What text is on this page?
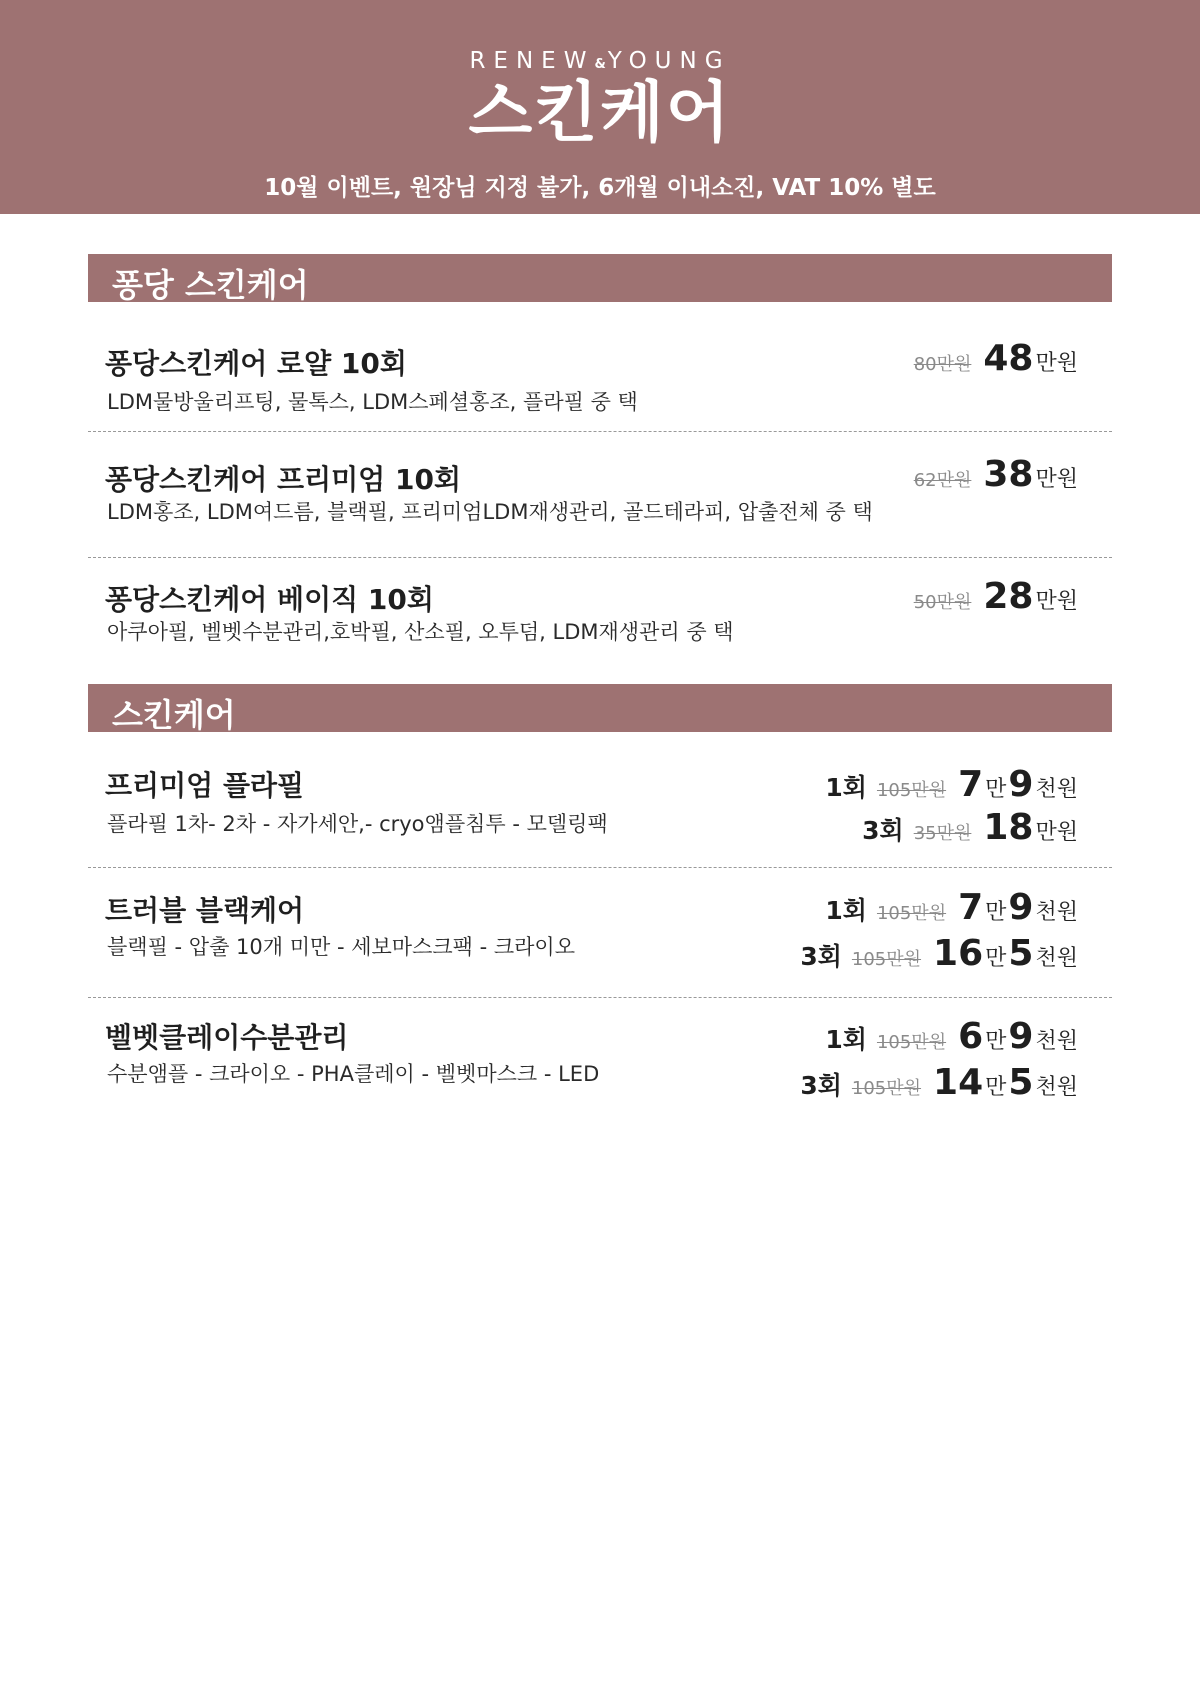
RENEW&YOUNG
스킨케어
10월 이벤트, 원장님 지정 불가, 6개월 이내소진, VAT 10% 별도
퐁당 스킨케어
퐁당스킨케어 로얄 10회
LDM물방울리프팅, 물톡스, LDM스페셜홍조, 플라필 중 택
80만원 48만원
퐁당스킨케어 프리미엄 10회
LDM홍조, LDM여드름, 블랙필, 프리미엄LDM재생관리, 골드테라피, 압출전체 중 택
62만원 38만원
퐁당스킨케어 베이직 10회
아쿠아필, 벨벳수분관리,호박필, 산소필, 오투덤, LDM재생관리 중 택
50만원 28만원
스킨케어
프리미엄 플라필
플라필 1차- 2차 - 자가세안,- cryo앰플침투 - 모델링팩
1회 105만원 7만9천원
3회 35만원 18만원
트러블 블랙케어
블랙필 - 압출 10개 미만 - 세보마스크팩 - 크라이오
1회 105만원 7만9천원
3회 105만원 16만5천원
벨벳클레이수분관리
수분앰플 - 크라이오 - PHA클레이 - 벨벳마스크 - LED
1회 105만원 6만9천원
3회 105만원 14만5천원
